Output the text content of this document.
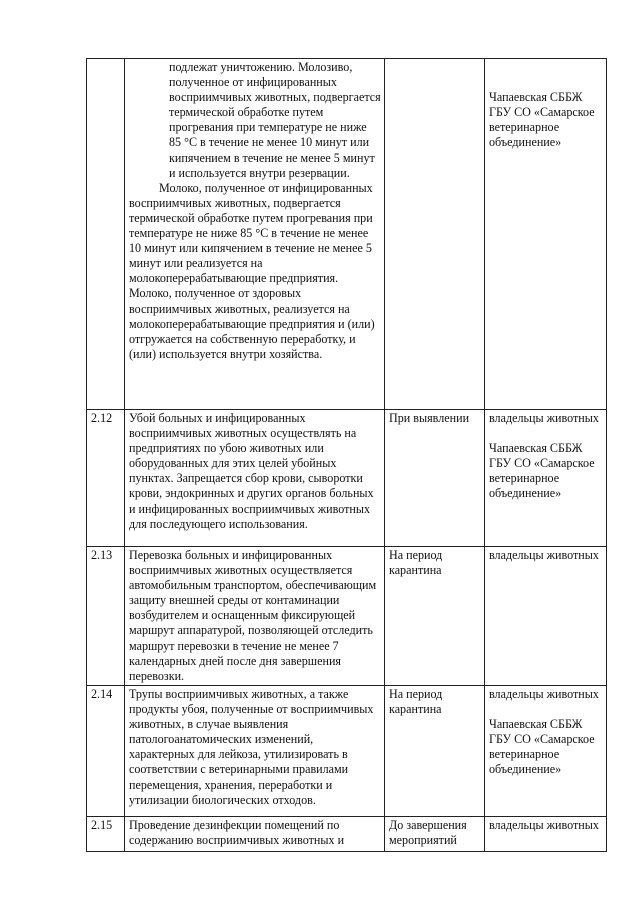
	подлежат уничтожению. Молозиво, полученное от инфицированных восприимчивых животных, подвергается термической обработке путем прогревания при температуре не ниже 85 °С в течение не менее 10 минут или кипячением в течение не менее 5 минут и используется внутри резервации.
Молоко, полученное от инфицированных восприимчивых животных, подвергается термической обработке путем прогревания при температуре не ниже 85 °С в течение не менее 10 минут или кипячением в течение не менее 5 минут или реализуется на молокоперерабатывающие предприятия. Молоко, полученное от здоровых восприимчивых животных, реализуется на молокоперерабатывающие предприятия и (или) отгружается на собственную переработку, и (или) используется внутри хозяйства.		Чапаевская СББЖ ГБУ СО «Самарское ветеринарное объединение»

2.12	Убой больных и инфицированных восприимчивых животных осуществлять на предприятиях по убою животных или оборудованных для этих целей убойных пунктах. Запрещается сбор крови, сыворотки крови, эндокринных и других органов больных и инфицированных восприимчивых животных для последующего использования.	При выявлении	владельцы животных
Чапаевская СББЖ ГБУ СО «Самарское ветеринарное объединение»

2.13	Перевозка больных и инфицированных восприимчивых животных осуществляется автомобильным транспортом, обеспечивающим защиту внешней среды от контаминации возбудителем и оснащенным фиксирующей маршрут аппаратурой, позволяющей отследить маршрут перевозки в течение не менее 7 календарных дней после дня завершения перевозки.	На период карантина	владельцы животных

2.14	Трупы восприимчивых животных, а также продукты убоя, полученные от восприимчивых животных, в случае выявления патологоанатомических изменений, характерных для лейкоза, утилизировать в соответствии с ветеринарными правилами перемещения, хранения, переработки и утилизации биологических отходов.	На период карантина	владельцы животных
Чапаевская СББЖ ГБУ СО «Самарское ветеринарное объединение»

2.15	Проведение дезинфекции помещений по содержанию восприимчивых животных и	До завершения мероприятий	владельцы животных
